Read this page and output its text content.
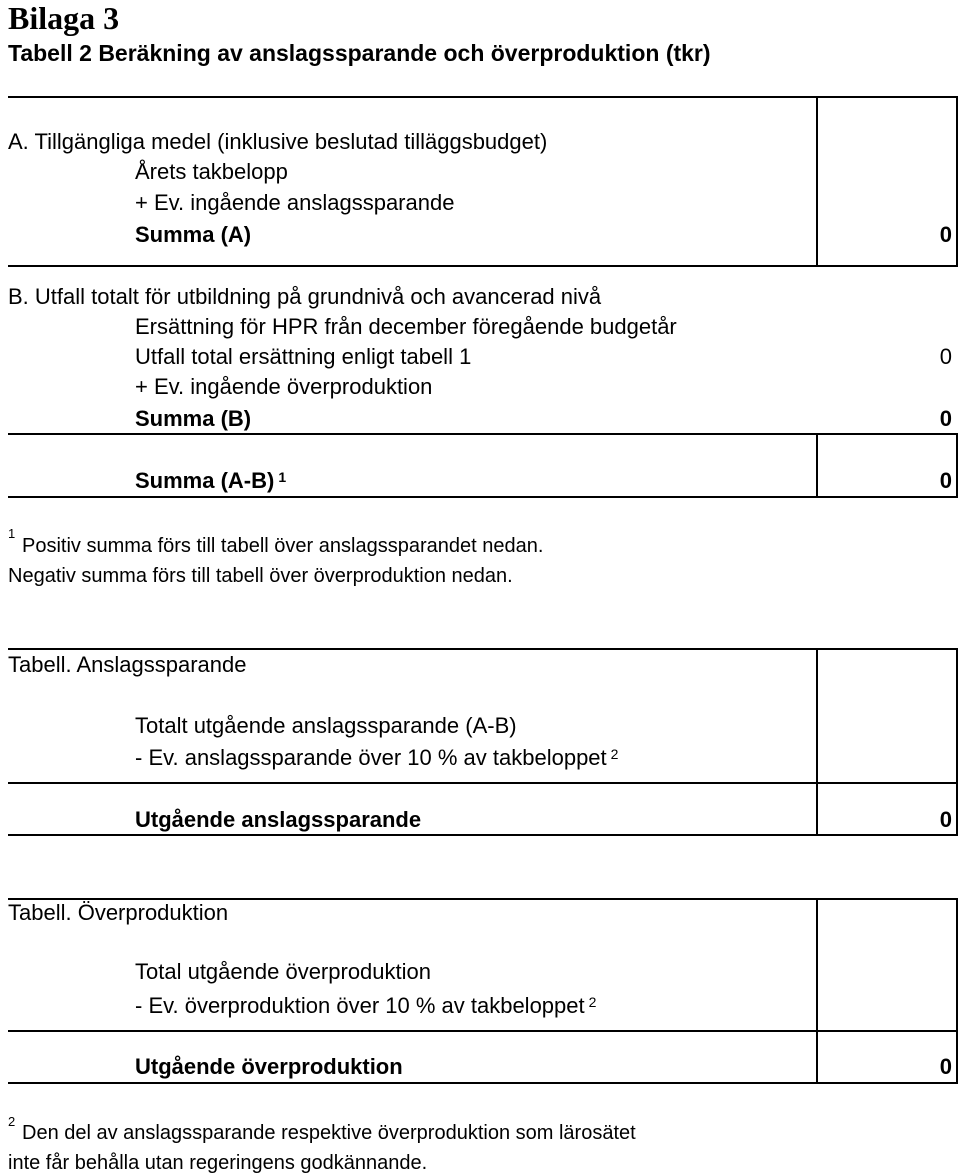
Bilaga 3
Tabell 2 Beräkning av anslagssparande och överproduktion (tkr)
A. Tillgängliga medel (inklusive beslutad tilläggsbudget)
Årets takbelopp
+ Ev. ingående anslagssparande
Summa (A)	0
B. Utfall totalt för utbildning på grundnivå och avancerad nivå
Ersättning för HPR från december föregående budgetår
Utfall total ersättning enligt tabell 1	0
+ Ev. ingående överproduktion
Summa (B)	0
Summa (A-B) $^1$	0
1
Positiv summa förs till tabell över anslagssparandet nedan.
Negativ summa förs till tabell över överproduktion nedan.
Tabell. Anslagssparande
Totalt utgående anslagssparande (A-B)
- Ev. anslagssparande över 10 % av takbeloppet $^2$
Utgående anslagssparande	0
Tabell. Överproduktion
Total utgående överproduktion
- Ev. överproduktion över 10 % av takbeloppet $^2$
Utgående överproduktion	0
2
Den del av anslagssparande respektive överproduktion som lärosätet
inte får behålla utan regeringens godkännande.
